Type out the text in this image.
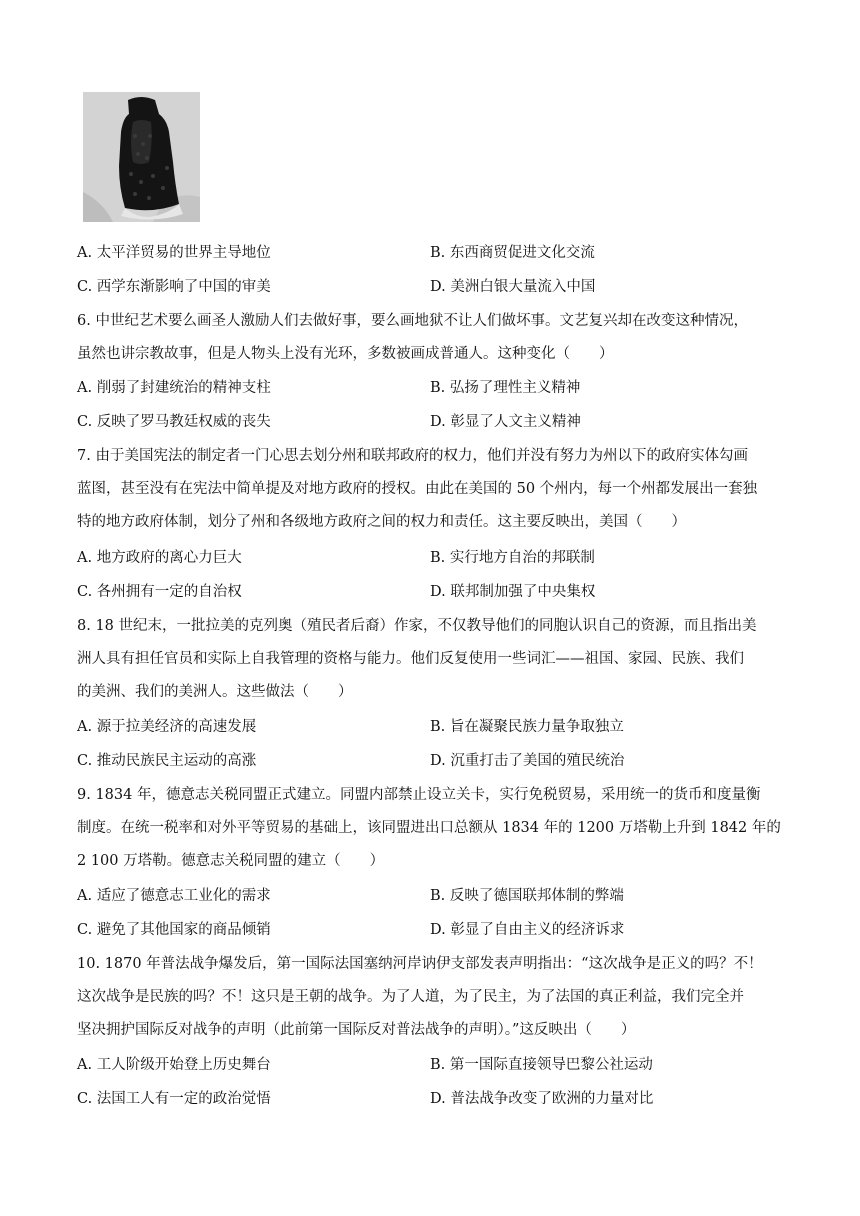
A. 太平洋贸易的世界主导地位	B. 东西商贸促进文化交流
C. 西学东渐影响了中国的审美	D. 美洲白银大量流入中国
6. 中世纪艺术要么画圣人激励人们去做好事，要么画地狱不让人们做坏事。文艺复兴却在改变这种情况，
虽然也讲宗教故事，但是人物头上没有光环，多数被画成普通人。这种变化（　　）
A. 削弱了封建统治的精神支柱	B. 弘扬了理性主义精神
C. 反映了罗马教廷权威的丧失	D. 彰显了人文主义精神
7. 由于美国宪法的制定者一门心思去划分州和联邦政府的权力，他们并没有努力为州以下的政府实体勾画
蓝图，甚至没有在宪法中简单提及对地方政府的授权。由此在美国的 50 个州内，每一个州都发展出一套独
特的地方政府体制，划分了州和各级地方政府之间的权力和责任。这主要反映出，美国（　　）
A. 地方政府的离心力巨大	B. 实行地方自治的邦联制
C. 各州拥有一定的自治权	D. 联邦制加强了中央集权
8. 18 世纪末，一批拉美的克列奥（殖民者后裔）作家，不仅教导他们的同胞认识自己的资源，而且指出美
洲人具有担任官员和实际上自我管理的资格与能力。他们反复使用一些词汇——祖国、家园、民族、我们
的美洲、我们的美洲人。这些做法（　　）
A. 源于拉美经济的高速发展	B. 旨在凝聚民族力量争取独立
C. 推动民族民主运动的高涨	D. 沉重打击了美国的殖民统治
9. 1834 年，德意志关税同盟正式建立。同盟内部禁止设立关卡，实行免税贸易，采用统一的货币和度量衡
制度。在统一税率和对外平等贸易的基础上，该同盟进出口总额从 1834 年的 1200 万塔勒上升到 1842 年的
2 100 万塔勒。德意志关税同盟的建立（　　）
A. 适应了德意志工业化的需求	B. 反映了德国联邦体制的弊端
C. 避免了其他国家的商品倾销	D. 彰显了自由主义的经济诉求
10. 1870 年普法战争爆发后，第一国际法国塞纳河岸讷伊支部发表声明指出：“这次战争是正义的吗？不！
这次战争是民族的吗？不！这只是王朝的战争。为了人道，为了民主，为了法国的真正利益，我们完全并
坚决拥护国际反对战争的声明（此前第一国际反对普法战争的声明）。”这反映出（　　）
A. 工人阶级开始登上历史舞台	B. 第一国际直接领导巴黎公社运动
C. 法国工人有一定的政治觉悟	D. 普法战争改变了欧洲的力量对比
